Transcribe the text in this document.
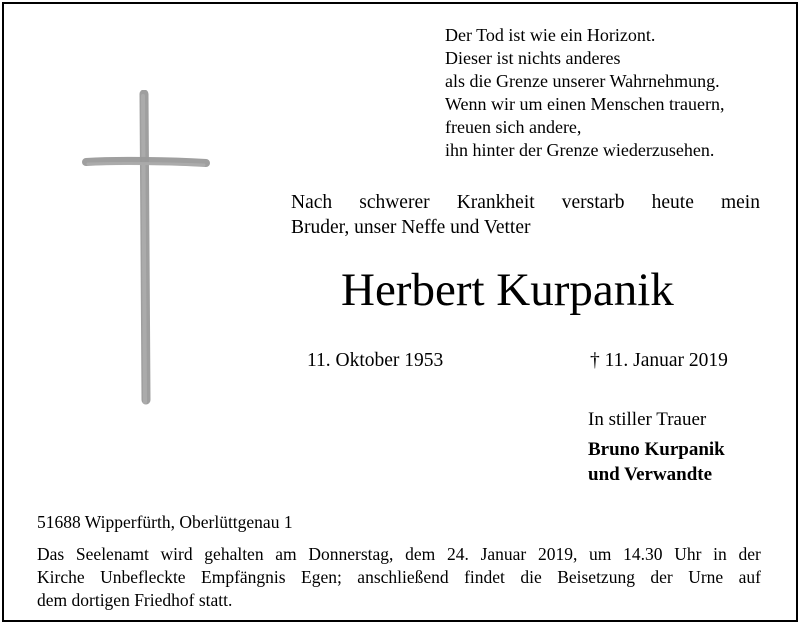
Der Tod ist wie ein Horizont.
Dieser ist nichts anderes
als die Grenze unserer Wahrnehmung.
Wenn wir um einen Menschen trauern,
freuen sich andere,
ihn hinter der Grenze wiederzusehen.
Nach schwerer Krankheit verstarb heute mein
Bruder, unser Neffe und Vetter
Herbert Kurpanik
11. Oktober 1953	† 11. Januar 2019
In stiller Trauer
Bruno Kurpanik
und Verwandte
51688 Wipperfürth, Oberlüttgenau 1
Das Seelenamt wird gehalten am Donnerstag, dem 24. Januar 2019, um 14.30 Uhr in der
Kirche Unbefleckte Empfängnis Egen; anschließend findet die Beisetzung der Urne auf

dem dortigen Friedhof statt.
